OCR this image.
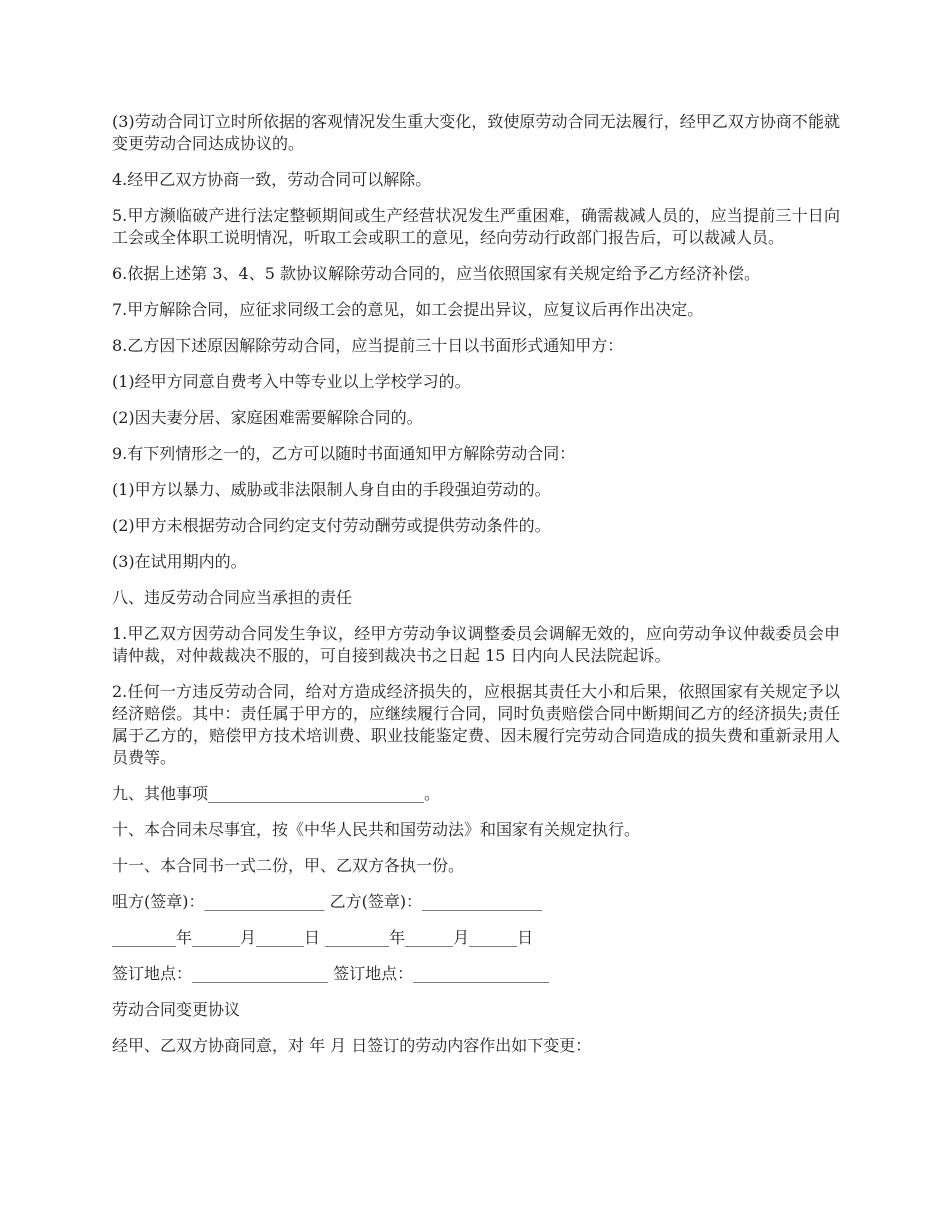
(3)劳动合同订立时所依据的客观情况发生重大变化，致使原劳动合同无法履行，经甲乙双方协商不能就变更劳动合同达成协议的。

4.经甲乙双方协商一致，劳动合同可以解除。

5.甲方濒临破产进行法定整顿期间或生产经营状况发生严重困难，确需裁减人员的，应当提前三十日向工会或全体职工说明情况，听取工会或职工的意见，经向劳动行政部门报告后，可以裁减人员。

6.依据上述第 3、4、5 款协议解除劳动合同的，应当依照国家有关规定给予乙方经济补偿。

7.甲方解除合同，应征求同级工会的意见，如工会提出异议，应复议后再作出决定。

8.乙方因下述原因解除劳动合同，应当提前三十日以书面形式通知甲方：

(1)经甲方同意自费考入中等专业以上学校学习的。

(2)因夫妻分居、家庭困难需要解除合同的。

9.有下列情形之一的，乙方可以随时书面通知甲方解除劳动合同：

(1)甲方以暴力、威胁或非法限制人身自由的手段强迫劳动的。

(2)甲方未根据劳动合同约定支付劳动酬劳或提供劳动条件的。

(3)在试用期内的。

八、违反劳动合同应当承担的责任

1.甲乙双方因劳动合同发生争议，经甲方劳动争议调整委员会调解无效的，应向劳动争议仲裁委员会申请仲裁，对仲裁裁决不服的，可自接到裁决书之日起 15 日内向人民法院起诉。

2.任何一方违反劳动合同，给对方造成经济损失的，应根据其责任大小和后果，依照国家有关规定予以经济赔偿。其中：责任属于甲方的，应继续履行合同，同时负责赔偿合同中断期间乙方的经济损失;责任属于乙方的，赔偿甲方技术培训费、职业技能鉴定费、因未履行完劳动合同造成的损失费和重新录用人员费等。

九、其他事项___________________________。

十、本合同未尽事宜，按《中华人民共和国劳动法》和国家有关规定执行。

十一、本合同书一式二份，甲、乙双方各执一份。

咀方(签章)：_______________ 乙方(签章)：_______________

________年______月______日 ________年______月______日

签订地点：_________________ 签订地点：_________________

劳动合同变更协议

经甲、乙双方协商同意，对 年 月 日签订的劳动内容作出如下变更：
